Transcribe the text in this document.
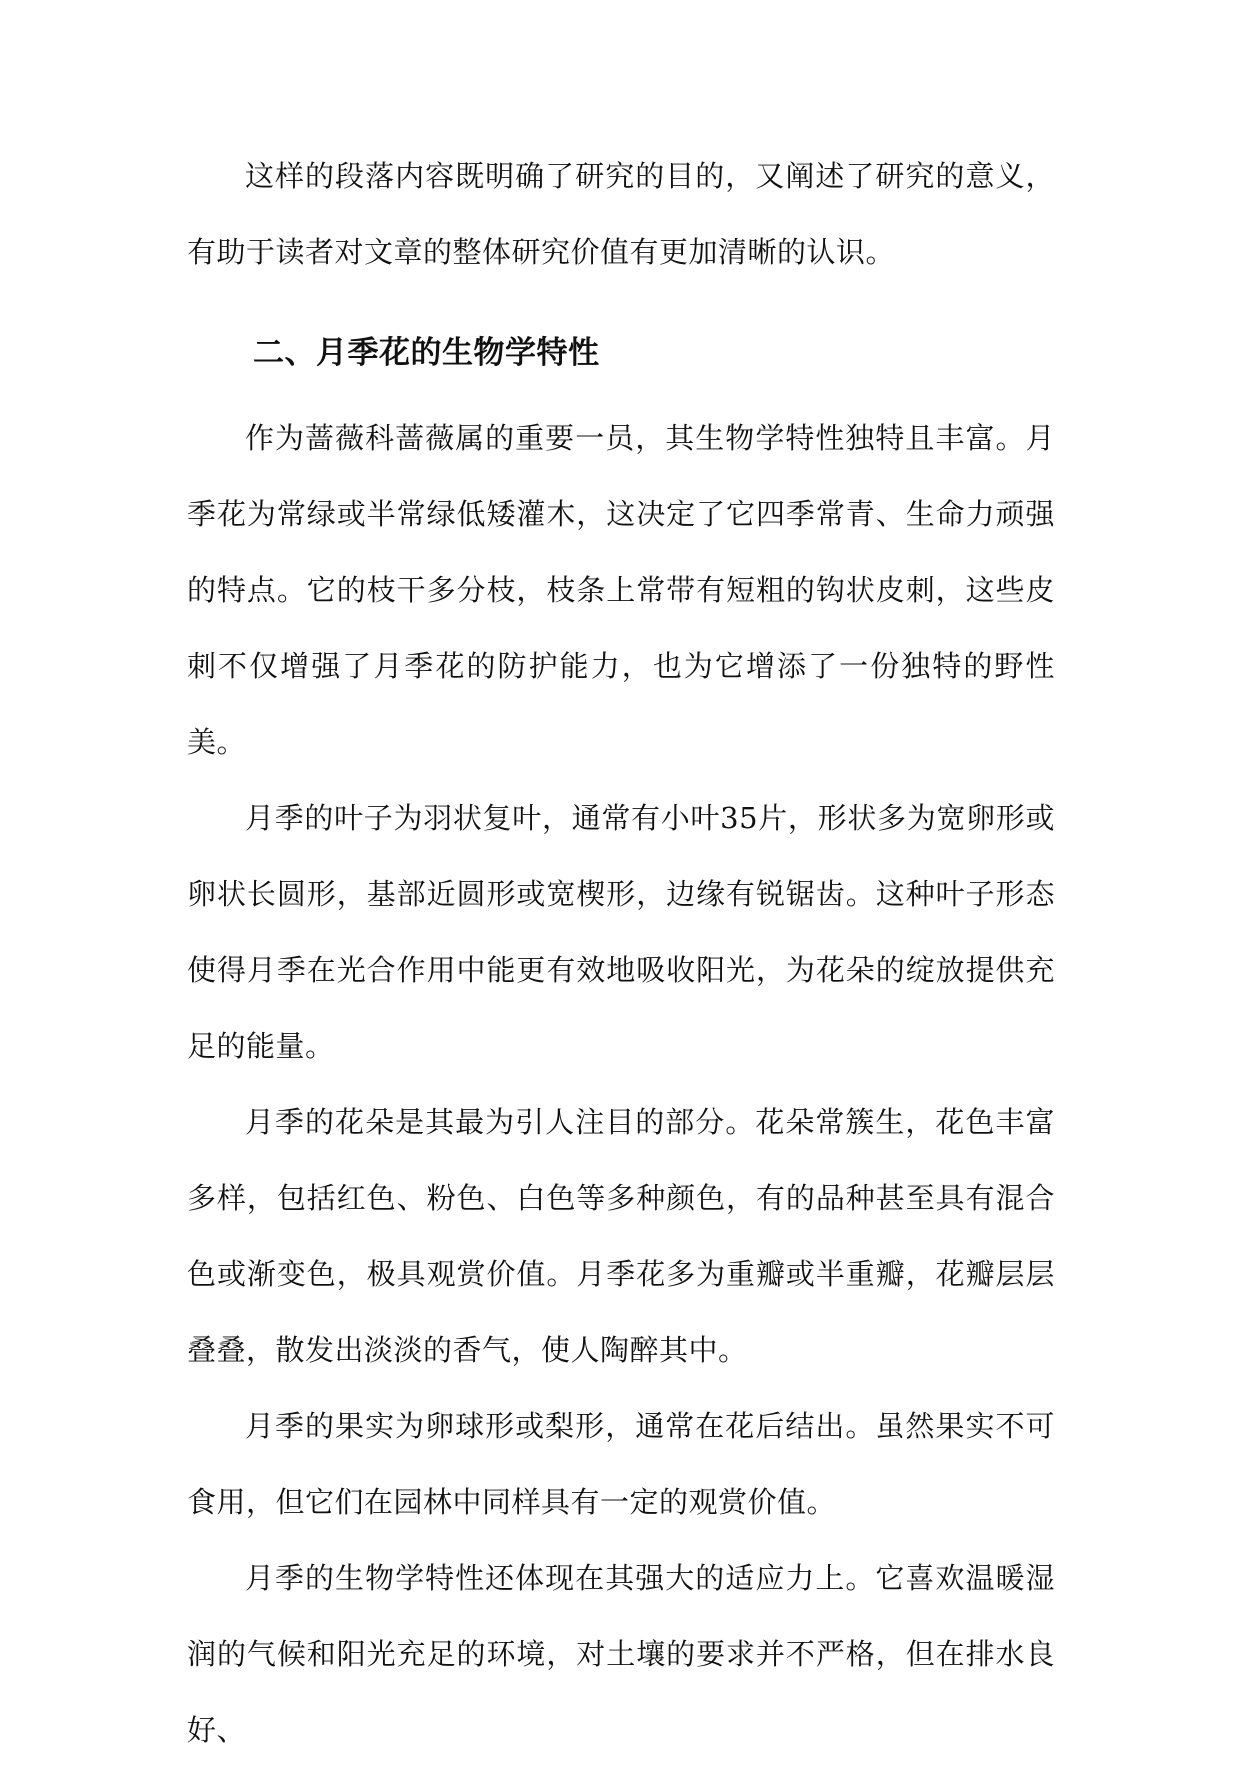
这样的段落内容既明确了研究的目的，又阐述了研究的意义，有助于读者对文章的整体研究价值有更加清晰的认识。

二、月季花的生物学特性

作为蔷薇科蔷薇属的重要一员，其生物学特性独特且丰富。月季花为常绿或半常绿低矮灌木，这决定了它四季常青、生命力顽强的特点。它的枝干多分枝，枝条上常带有短粗的钩状皮刺，这些皮刺不仅增强了月季花的防护能力，也为它增添了一份独特的野性美。

月季的叶子为羽状复叶，通常有小叶35片，形状多为宽卵形或卵状长圆形，基部近圆形或宽楔形，边缘有锐锯齿。这种叶子形态使得月季在光合作用中能更有效地吸收阳光，为花朵的绽放提供充足的能量。

月季的花朵是其最为引人注目的部分。花朵常簇生，花色丰富多样，包括红色、粉色、白色等多种颜色，有的品种甚至具有混合色或渐变色，极具观赏价值。月季花多为重瓣或半重瓣，花瓣层层叠叠，散发出淡淡的香气，使人陶醉其中。

月季的果实为卵球形或梨形，通常在花后结出。虽然果实不可食用，但它们在园林中同样具有一定的观赏价值。

月季的生物学特性还体现在其强大的适应力上。它喜欢温暖湿润的气候和阳光充足的环境，对土壤的要求并不严格，但在排水良好、
